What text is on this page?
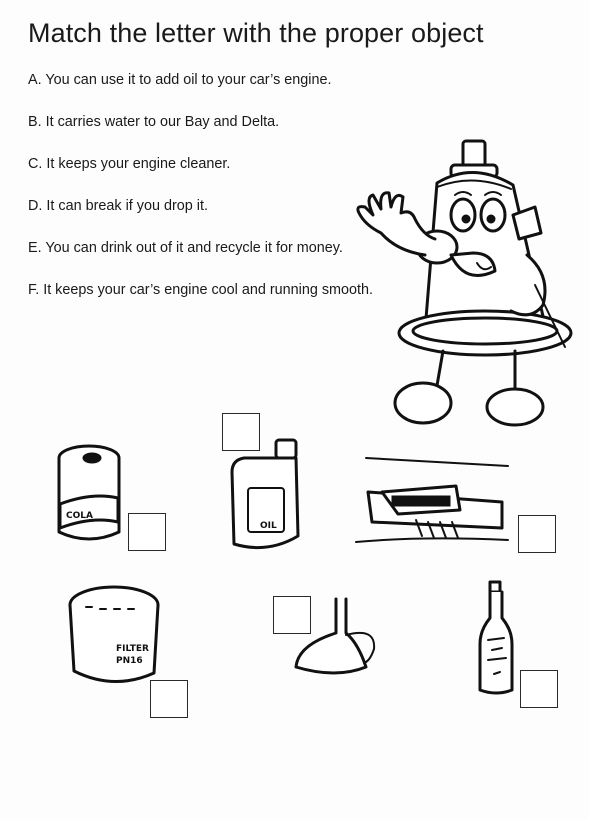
Match the letter with the proper object
A. You can use it to add oil to your car’s engine.
B. It carries water to our Bay and Delta.
C. It keeps your engine cleaner.
D. It can break if you drop it.
E. You can drink out of it and recycle it for money.
F. It keeps your car’s engine cool and running smooth.
COLA
OIL
FILTER
PN16
